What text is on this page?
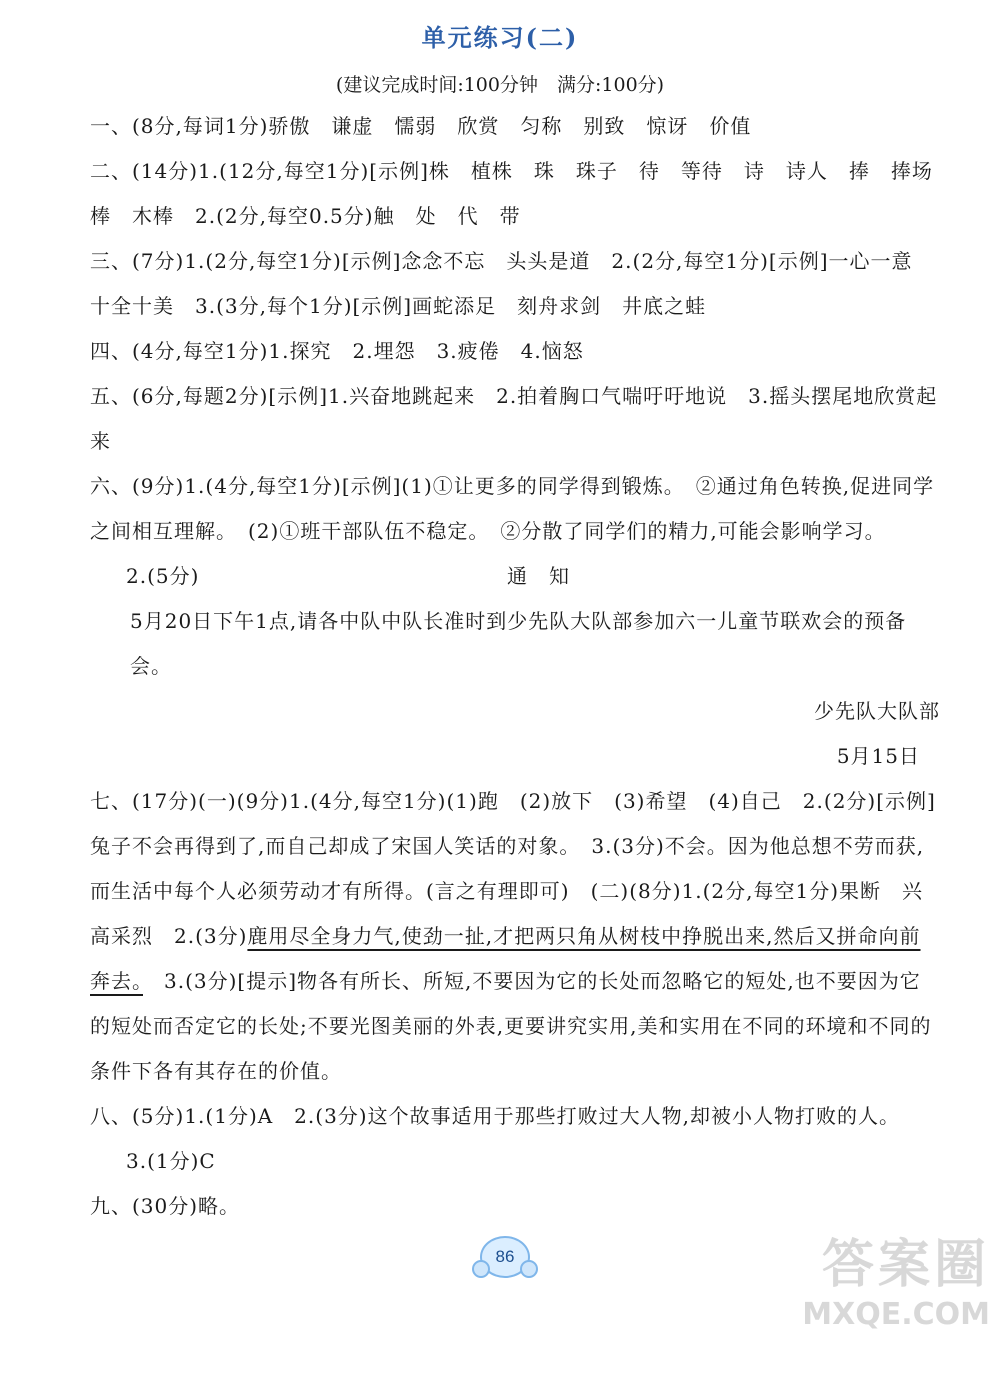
单元练习(二)
(建议完成时间:100分钟　满分:100分)

一、(8分,每词1分)骄傲　谦虚　懦弱　欣赏　匀称　别致　惊讶　价值

二、(14分)1.(12分,每空1分)[示例]株　植株　珠　珠子　待　等待　诗　诗人　捧　捧场　棒　木棒　2.(2分,每空0.5分)触　处　代　带

三、(7分)1.(2分,每空1分)[示例]念念不忘　头头是道　2.(2分,每空1分)[示例]一心一意　十全十美　3.(3分,每个1分)[示例]画蛇添足　刻舟求剑　井底之蛙

四、(4分,每空1分)1.探究　2.埋怨　3.疲倦　4.恼怒

五、(6分,每题2分)[示例]1.兴奋地跳起来　2.拍着胸口气喘吁吁地说　3.摇头摆尾地欣赏起来

六、(9分)1.(4分,每空1分)[示例](1)①让更多的同学得到锻炼。　②通过角色转换,促进同学之间相互理解。　(2)①班干部队伍不稳定。　②分散了同学们的精力,可能会影响学习。

2.(5分)	通　知

5月20日下午1点,请各中队中队长准时到少先队大队部参加六一儿童节联欢会的预备会。

少先队大队部

5月15日

七、(17分)(一)(9分)1.(4分,每空1分)(1)跑　(2)放下　(3)希望　(4)自己　2.(2分)[示例]兔子不会再得到了,而自己却成了宋国人笑话的对象。　3.(3分)不会。因为他总想不劳而获,而生活中每个人必须劳动才有所得。(言之有理即可)　(二)(8分)1.(2分,每空1分)果断　兴高采烈　2.(3分)鹿用尽全身力气,使劲一扯,才把两只角从树枝中挣脱出来,然后又拼命向前奔去。　3.(3分)[提示]物各有所长、所短,不要因为它的长处而忽略它的短处,也不要因为它的短处而否定它的长处;不要光图美丽的外表,更要讲究实用,美和实用在不同的环境和不同的条件下各有其存在的价值。

八、(5分)1.(1分)A　2.(3分)这个故事适用于那些打败过大人物,却被小人物打败的人。

3.(1分)C

九、(30分)略。

86	答案圈
MXQE.COM
